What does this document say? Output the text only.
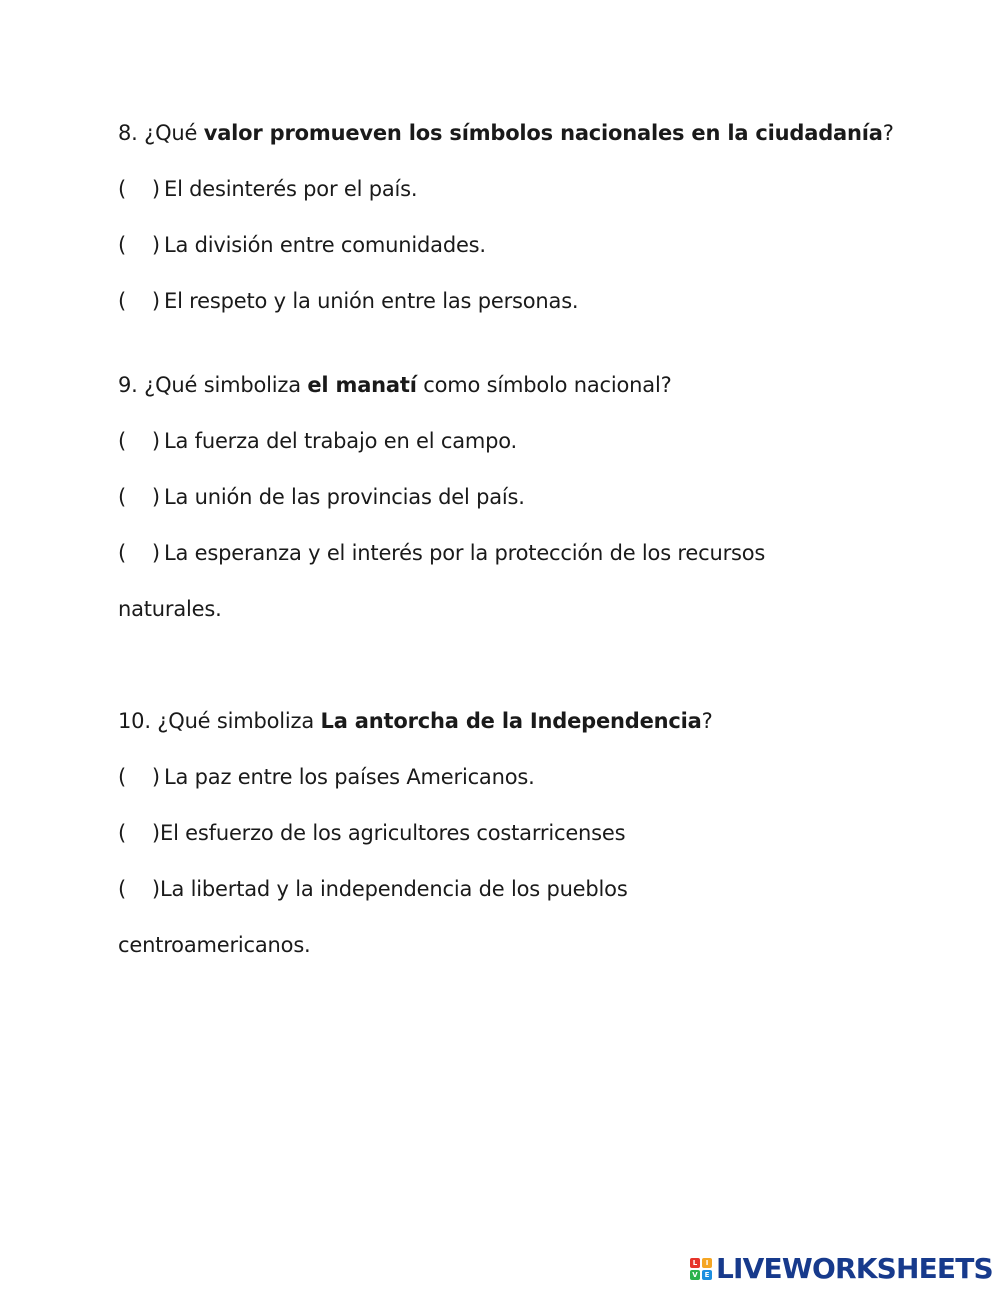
8. ¿Qué valor promueven los símbolos nacionales en la ciudadanía?
(    ) El desinterés por el país.
(    ) La división entre comunidades.
(    ) El respeto y la unión entre las personas.
9. ¿Qué simboliza el manatí como símbolo nacional?
(    ) La fuerza del trabajo en el campo.
(    ) La unión de las provincias del país.
(    ) La esperanza y el interés por la protección de los recursos
naturales.
10. ¿Qué simboliza La antorcha de la Independencia?
(    ) La paz entre los países Americanos.
(    )El esfuerzo de los agricultores costarricenses
(    )La libertad y la independencia de los pueblos
centroamericanos.
L	I
V E LIVEWORKSHEETS
